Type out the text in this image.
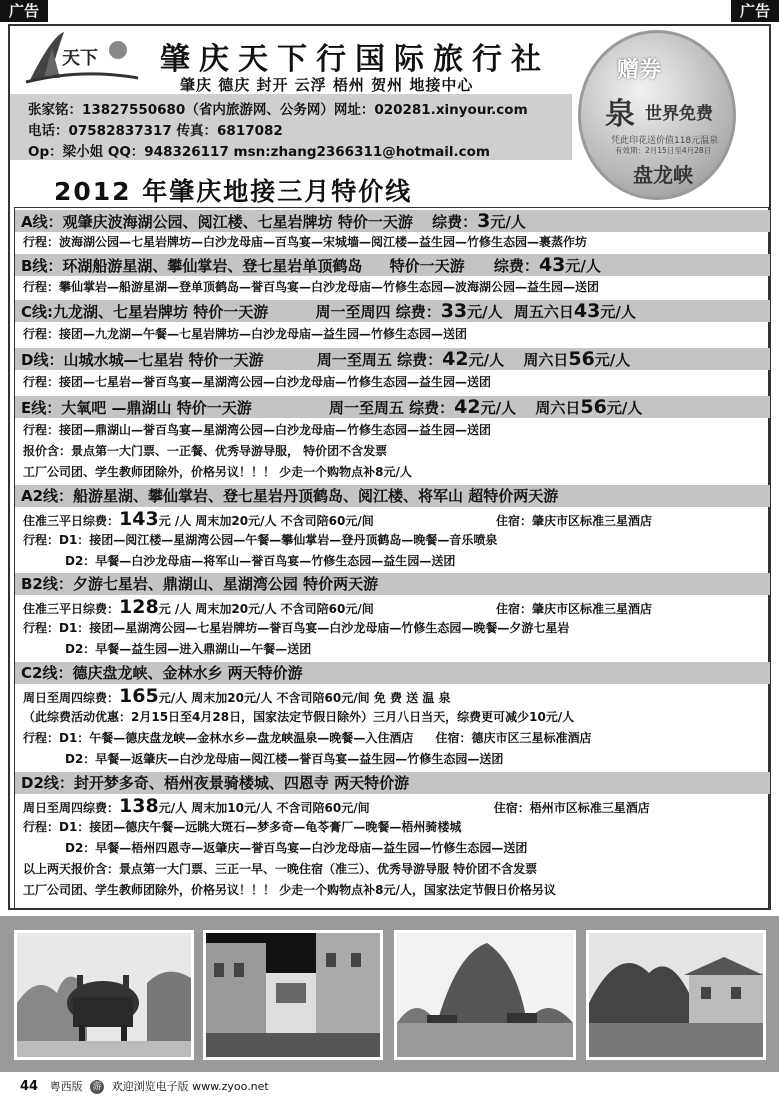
广告	广告
天下 肇庆天下行国际旅行社
肇庆 德庆 封开 云浮 梧州 贺州 地接中心
张家铭：13827550680（省内旅游网、公务网）网址：020281.xinyour.com
电话：07582837317 传真：6817082
Op：梁小姐 QQ：948326117 msn:zhang2366311@hotmail.com
赠券
泉 世界免费
凭此印花送价值118元温泉
有效期：2月15日至4月28日
盘龙峡
2012 年肇庆地接三月特价线
A线：观肇庆波海湖公园、阅江楼、七星岩牌坊 特价一天游 综费：3元/人
行程：波海湖公园—七星岩牌坊—白沙龙母庙—百鸟宴—宋城墙—阅江楼—益生园—竹修生态园—裹蒸作坊
B线：环湖船游星湖、攀仙掌岩、登七星岩单顶鹤岛 特价一天游 综费：43元/人
行程：攀仙掌岩—船游星湖—登单顶鹤岛—誉百鸟宴—白沙龙母庙—竹修生态园—波海湖公园—益生园—送团
C线:九龙湖、七星岩牌坊 特价一天游	周一至周四 综费：33元/人 周五六日43元/人
行程：接团—九龙湖—午餐—七星岩牌坊—白沙龙母庙—益生园—竹修生态园—送团
D线：山城水城—七星岩 特价一天游	周一至周五 综费：42元/人 周六日56元/人
行程：接团—七星岩—誉百鸟宴—星湖湾公园—白沙龙母庙—竹修生态园—益生园—送团
E线：大氧吧 —鼎湖山 特价一天游	周一至周五 综费：42元/人 周六日56元/人
行程：接团—鼎湖山—誉百鸟宴—星湖湾公园—白沙龙母庙—竹修生态园—益生园—送团
报价含：景点第一大门票、一正餐、优秀导游导服， 特价团不含发票
工厂公司团、学生教师团除外，价格另议！！！ 少走一个购物点补8元/人
A2线：船游星湖、攀仙掌岩、登七星岩丹顶鹤岛、阅江楼、将军山 超特价两天游
住准三平日综费：143元 /人 周末加20元/人 不含司陪60元/间	住宿：肇庆市区标准三星酒店
行程：D1：接团—阅江楼—星湖湾公园—午餐—攀仙掌岩—登丹顶鹤岛—晚餐—音乐喷泉
D2：早餐—白沙龙母庙—将军山—誉百鸟宴—竹修生态园—益生园—送团
B2线：夕游七星岩、鼎湖山、星湖湾公园 特价两天游
住准三平日综费：128元 /人 周末加20元/人 不含司陪60元/间	住宿：肇庆市区标准三星酒店
行程：D1：接团—星湖湾公园—七星岩牌坊—誉百鸟宴—白沙龙母庙—竹修生态园—晚餐—夕游七星岩
D2：早餐—益生园—进入鼎湖山—午餐—送团
C2线：德庆盘龙峡、金林水乡 两天特价游
周日至周四综费：165元/人 周末加20元/人 不含司陪60元/间 免 费 送 温 泉
（此综费活动优惠：2月15日至4月28日，国家法定节假日除外）三月八日当天，综费更可减少10元/人
行程：D1：午餐—德庆盘龙峡—金林水乡—盘龙峡温泉—晚餐—入住酒店 住宿：德庆市区三星标准酒店
D2：早餐—返肇庆—白沙龙母庙—阅江楼—誉百鸟宴—益生园—竹修生态园—送团
D2线：封开梦多奇、梧州夜景骑楼城、四恩寺 两天特价游
周日至周四综费：138元/人 周末加10元/人 不含司陪60元/间	住宿：梧州市区标准三星酒店
行程：D1：接团—德庆午餐—远眺大斑石—梦多奇—龟苓膏厂—晚餐—梧州骑楼城
D2：早餐—梧州四恩寺—返肇庆—誉百鸟宴—白沙龙母庙—益生园—竹修生态园—送团
以上两天报价含：景点第一大门票、三正一早、一晚住宿（准三）、优秀导游导服 特价团不含发票
工厂公司团、学生教师团除外，价格另议！！！ 少走一个购物点补8元/人，国家法定节假日价格另议
44 粤西版 游 欢迎浏览电子版 www.zyoo.net
